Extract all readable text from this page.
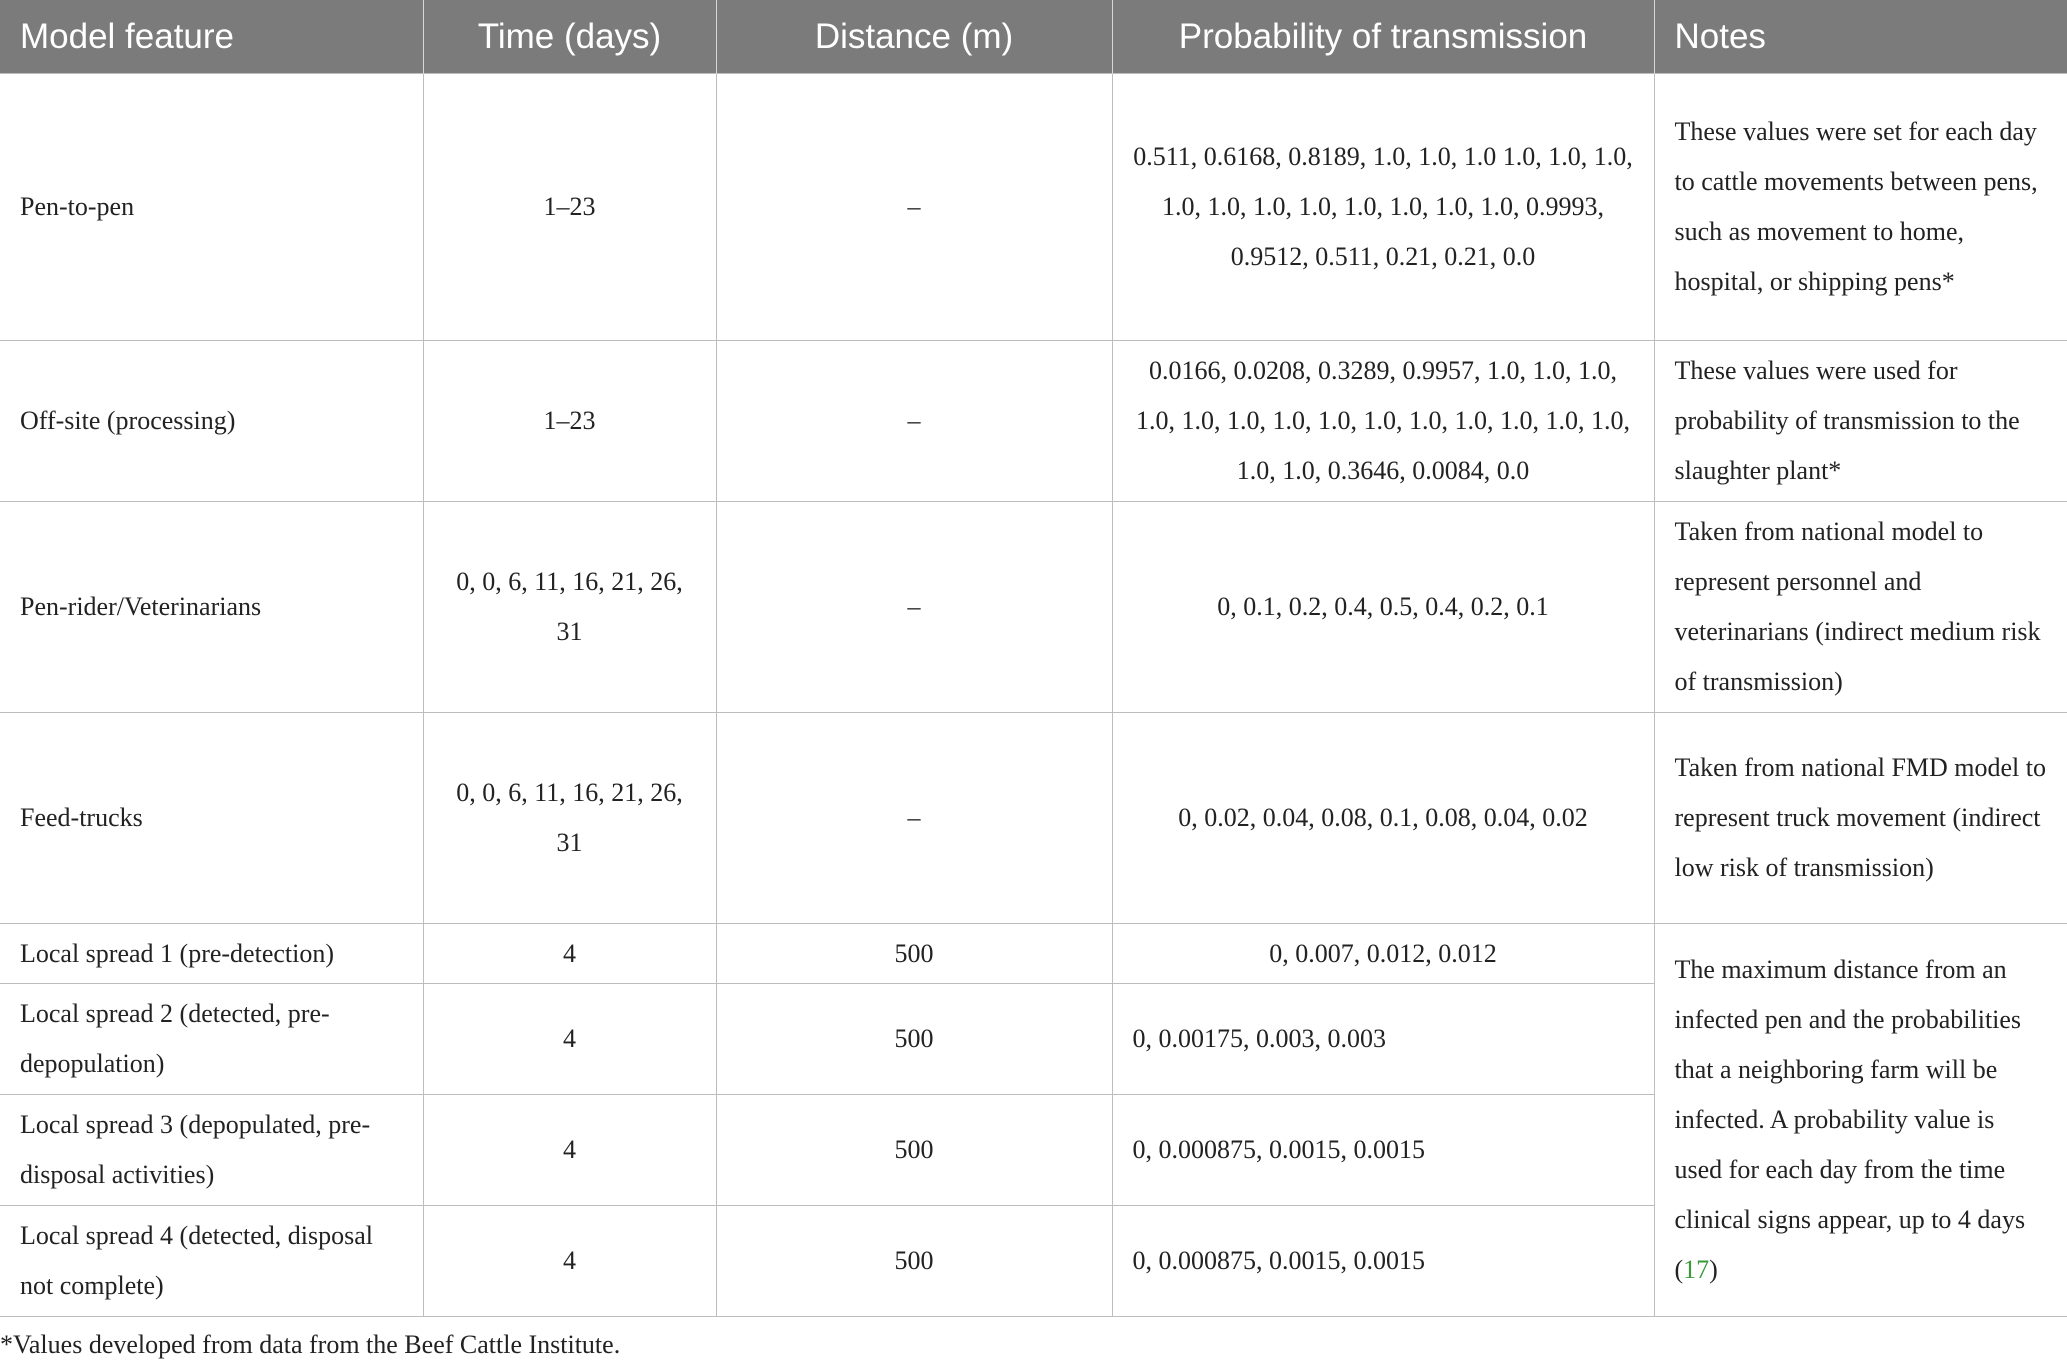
Model feature	Time (days)	Distance (m)	Probability of transmission	Notes
Pen-to-pen	1–23	–	0.511, 0.6168, 0.8189, 1.0, 1.0, 1.0 1.0, 1.0, 1.0, 1.0, 1.0, 1.0, 1.0, 1.0, 1.0, 1.0, 1.0, 0.9993, 0.9512, 0.511, 0.21, 0.21, 0.0	These values were set for each day to cattle movements between pens, such as movement to home, hospital, or shipping pens*
Off-site (processing)	1–23	–	0.0166, 0.0208, 0.3289, 0.9957, 1.0, 1.0, 1.0, 1.0, 1.0, 1.0, 1.0, 1.0, 1.0, 1.0, 1.0, 1.0, 1.0, 1.0, 1.0, 1.0, 0.3646, 0.0084, 0.0	These values were used for probability of transmission to the slaughter plant*
Pen-rider/Veterinarians	0, 0, 6, 11, 16, 21, 26, 31	–	0, 0.1, 0.2, 0.4, 0.5, 0.4, 0.2, 0.1	Taken from national model to represent personnel and veterinarians (indirect medium risk of transmission)
Feed-trucks	0, 0, 6, 11, 16, 21, 26, 31	–	0, 0.02, 0.04, 0.08, 0.1, 0.08, 0.04, 0.02	Taken from national FMD model to represent truck movement (indirect low risk of transmission)
Local spread 1 (pre-detection)	4	500	0, 0.007, 0.012, 0.012	The maximum distance from an infected pen and the probabilities that a neighboring farm will be infected. A probability value is used for each day from the time clinical signs appear, up to 4 days (17)
Local spread 2 (detected, pre-depopulation)	4	500	0, 0.00175, 0.003, 0.003	
Local spread 3 (depopulated, pre-disposal activities)	4	500	0, 0.000875, 0.0015, 0.0015	
Local spread 4 (detected, disposal not complete)	4	500	0, 0.000875, 0.0015, 0.0015	
*Values developed from data from the Beef Cattle Institute.
